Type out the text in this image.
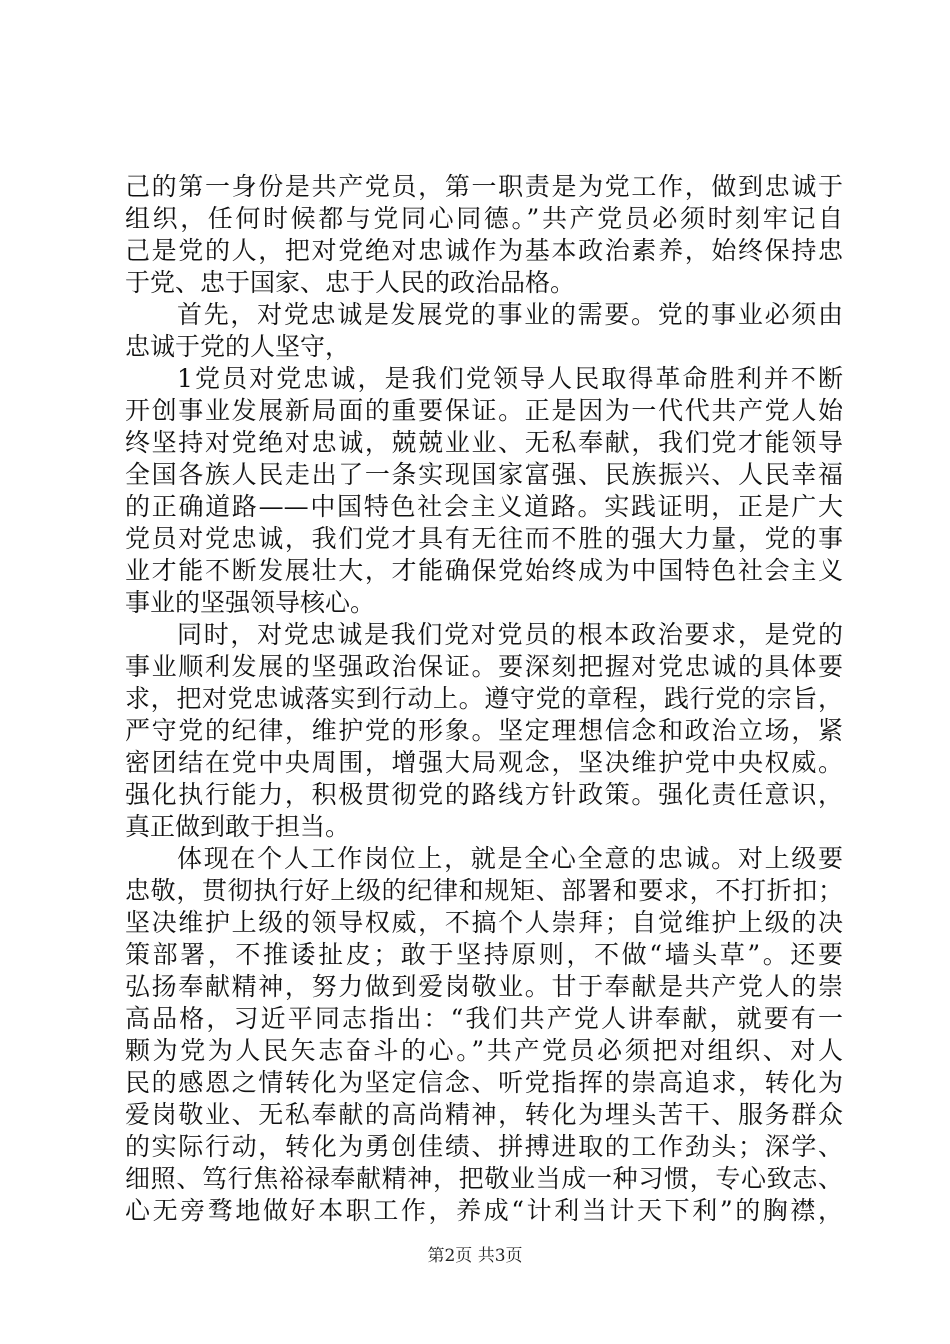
己的第一身份是共产党员，第一职责是为党工作，做到忠诚于
组织，任何时候都与党同心同德。”共产党员必须时刻牢记自
己是党的人，把对党绝对忠诚作为基本政治素养，始终保持忠
于党、忠于国家、忠于人民的政治品格。
首先，对党忠诚是发展党的事业的需要。党的事业必须由
忠诚于党的人坚守，
1党员对党忠诚，是我们党领导人民取得革命胜利并不断
开创事业发展新局面的重要保证。正是因为一代代共产党人始
终坚持对党绝对忠诚，兢兢业业、无私奉献，我们党才能领导
全国各族人民走出了一条实现国家富强、民族振兴、人民幸福
的正确道路——中国特色社会主义道路。实践证明，正是广大
党员对党忠诚，我们党才具有无往而不胜的强大力量，党的事
业才能不断发展壮大，才能确保党始终成为中国特色社会主义
事业的坚强领导核心。
同时，对党忠诚是我们党对党员的根本政治要求，是党的
事业顺利发展的坚强政治保证。要深刻把握对党忠诚的具体要
求，把对党忠诚落实到行动上。遵守党的章程，践行党的宗旨，
严守党的纪律，维护党的形象。坚定理想信念和政治立场，紧
密团结在党中央周围，增强大局观念，坚决维护党中央权威。
强化执行能力，积极贯彻党的路线方针政策。强化责任意识，
真正做到敢于担当。
体现在个人工作岗位上，就是全心全意的忠诚。对上级要
忠敬，贯彻执行好上级的纪律和规矩、部署和要求，不打折扣；
坚决维护上级的领导权威，不搞个人崇拜；自觉维护上级的决
策部署，不推诿扯皮；敢于坚持原则，不做“墙头草”。还要
弘扬奉献精神，努力做到爱岗敬业。甘于奉献是共产党人的崇
高品格，习近平同志指出：“我们共产党人讲奉献，就要有一
颗为党为人民矢志奋斗的心。”共产党员必须把对组织、对人
民的感恩之情转化为坚定信念、听党指挥的崇高追求，转化为
爱岗敬业、无私奉献的高尚精神，转化为埋头苦干、服务群众
的实际行动，转化为勇创佳绩、拼搏进取的工作劲头；深学、
细照、笃行焦裕禄奉献精神，把敬业当成一种习惯，专心致志、
心无旁骛地做好本职工作，养成“计利当计天下利”的胸襟，
第2页 共3页
